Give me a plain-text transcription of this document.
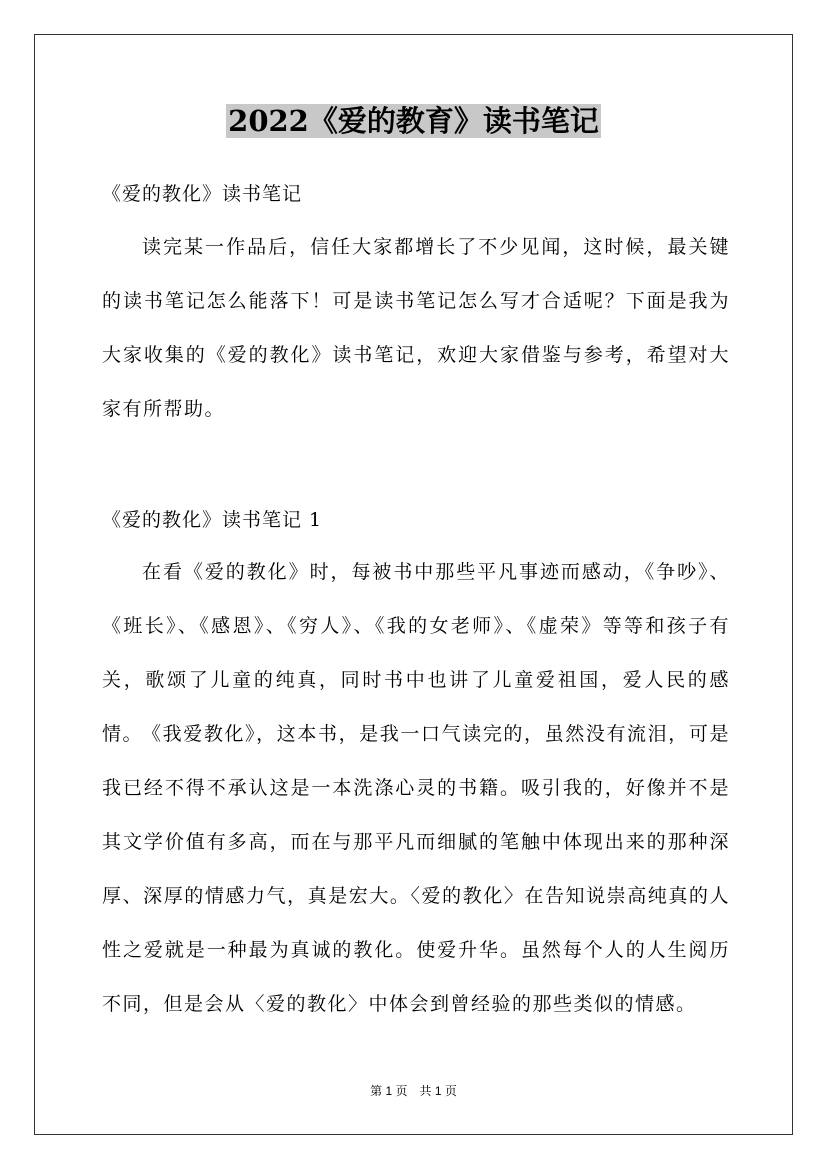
2022《爱的教育》读书笔记

《爱的教化》读书笔记

读完某一作品后，信任大家都增长了不少见闻，这时候，最关键的读书笔记怎么能落下！可是读书笔记怎么写才合适呢？下面是我为大家收集的《爱的教化》读书笔记，欢迎大家借鉴与参考，希望对大家有所帮助。

《爱的教化》读书笔记 1

在看《爱的教化》时，每被书中那些平凡事迹而感动，《争吵》、《班长》、《感恩》、《穷人》、《我的女老师》、《虚荣》等等和孩子有关，歌颂了儿童的纯真，同时书中也讲了儿童爱祖国，爱人民的感情。

《我爱教化》，这本书，是我一口气读完的，虽然没有流泪，可是我已经不得不承认这是一本洗涤心灵的书籍。吸引我的，好像并不是其文学价值有多高，而在与那平凡而细腻的笔触中体现出来的那种深厚、深厚的情感力气，真是宏大。〈爱的教化〉在告知说崇高纯真的人性之爱就是一种最为真诚的教化。使爱升华。虽然每个人的人生阅历不同，但是会从〈爱的教化〉中体会到曾经验的那些类似的情感。

第 1 页　共 1 页
